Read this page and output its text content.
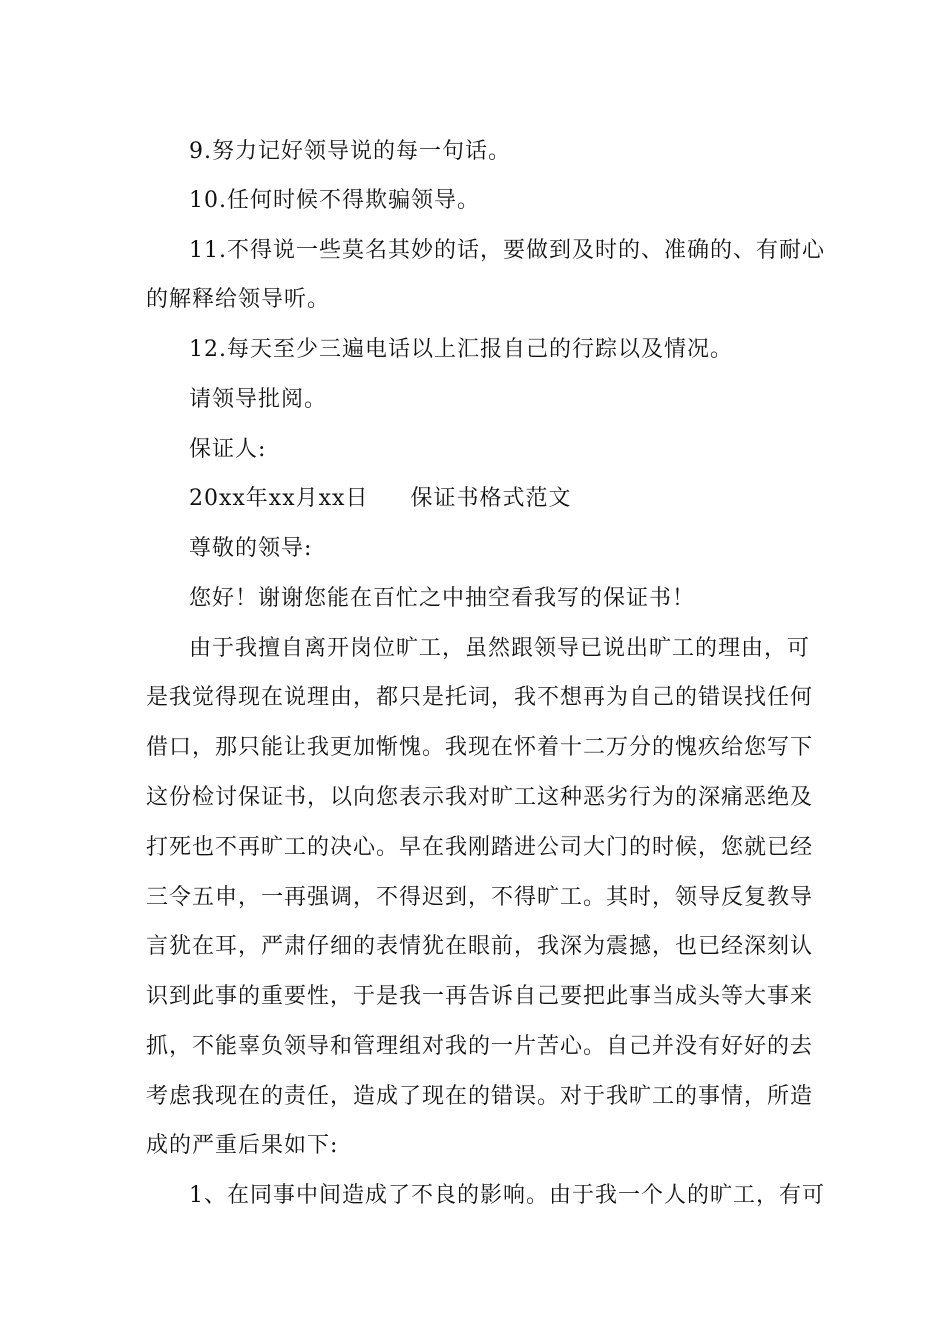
9.努力记好领导说的每一句话。
10.任何时候不得欺骗领导。
11.不得说一些莫名其妙的话，要做到及时的、准确的、有耐心
的解释给领导听。
12.每天至少三遍电话以上汇报自己的行踪以及情况。
请领导批阅。
保证人:
20xx年xx月xx日 保证书格式范文
尊敬的领导:
您好！谢谢您能在百忙之中抽空看我写的保证书！
由于我擅自离开岗位旷工，虽然跟领导已说出旷工的理由，可
是我觉得现在说理由，都只是托词，我不想再为自己的错误找任何
借口，那只能让我更加惭愧。我现在怀着十二万分的愧疚给您写下
这份检讨保证书，以向您表示我对旷工这种恶劣行为的深痛恶绝及
打死也不再旷工的决心。早在我刚踏进公司大门的时候，您就已经
三令五申，一再强调，不得迟到，不得旷工。其时，领导反复教导
言犹在耳，严肃仔细的表情犹在眼前，我深为震撼，也已经深刻认
识到此事的重要性，于是我一再告诉自己要把此事当成头等大事来
抓，不能辜负领导和管理组对我的一片苦心。自己并没有好好的去
考虑我现在的责任，造成了现在的错误。对于我旷工的事情，所造
成的严重后果如下:
1、在同事中间造成了不良的影响。由于我一个人的旷工，有可
